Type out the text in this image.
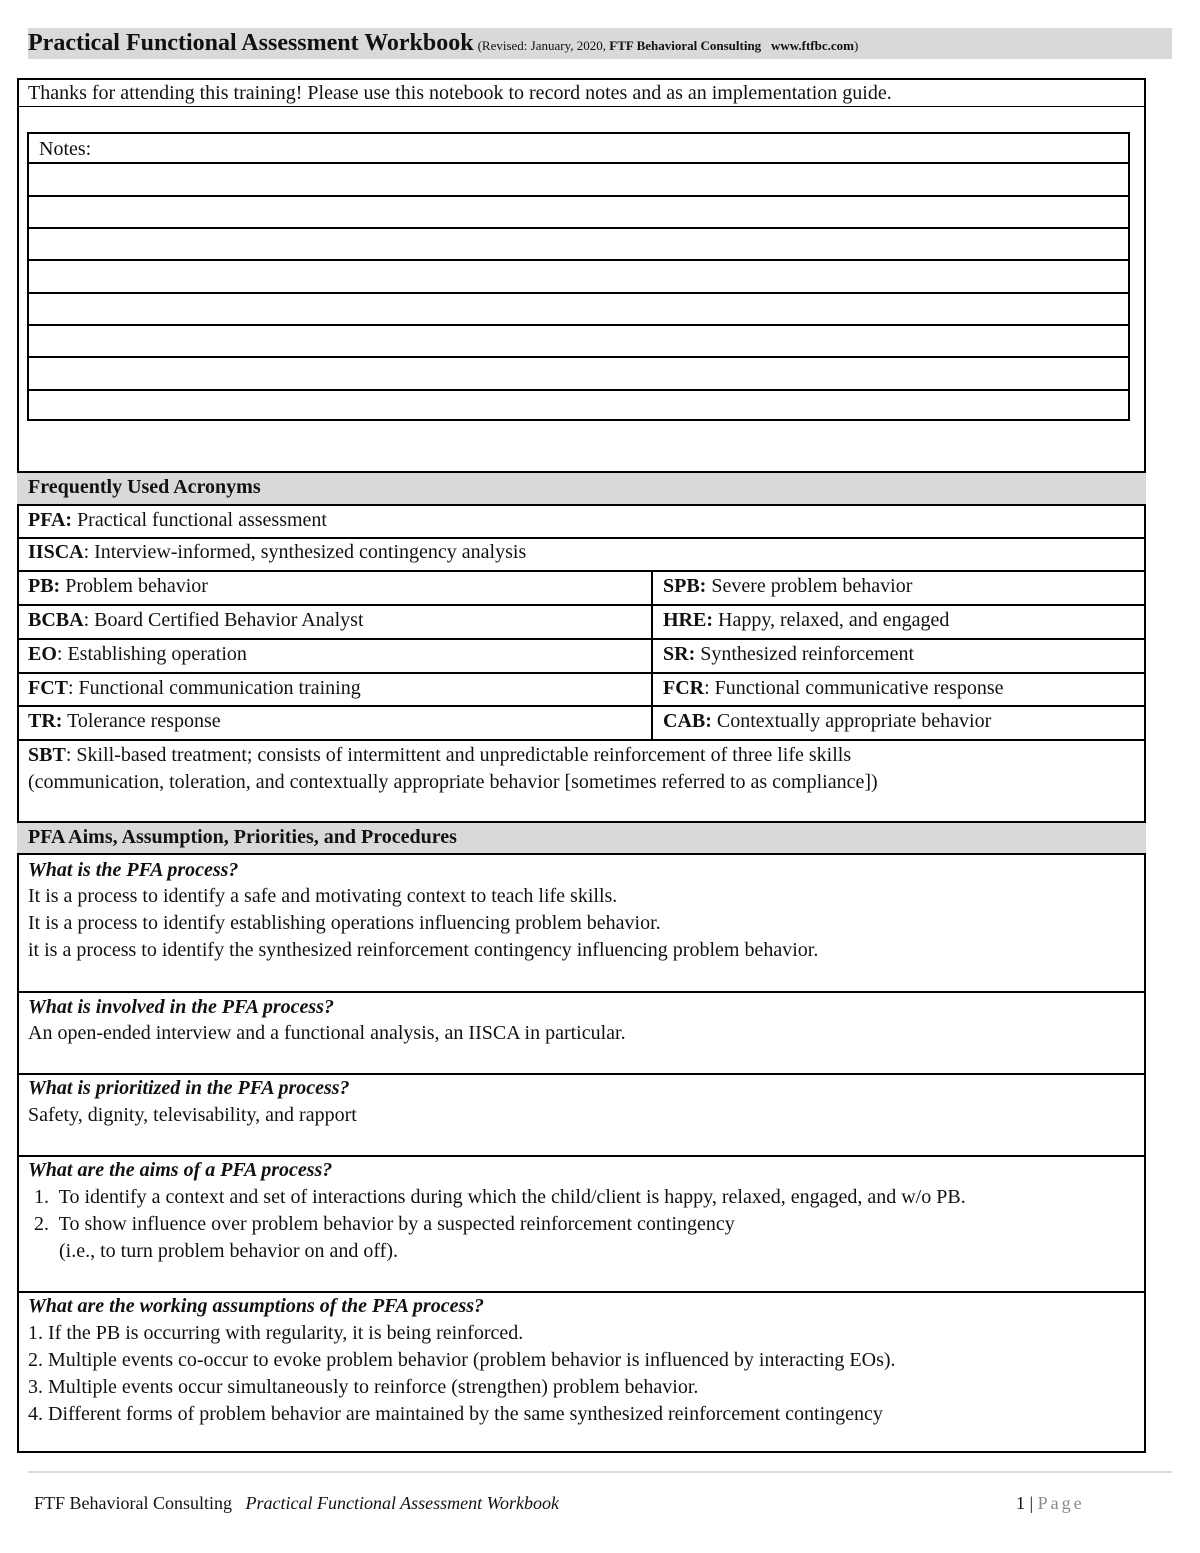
Practical Functional Assessment Workbook (Revised: January, 2020, FTF Behavioral Consulting www.ftfbc.com)
Thanks for attending this training! Please use this notebook to record notes and as an implementation guide.
Notes:
Frequently Used Acronyms
PFA: Practical functional assessment
IISCA: Interview-informed, synthesized contingency analysis
PB: Problem behavior	SPB: Severe problem behavior
BCBA: Board Certified Behavior Analyst	HRE: Happy, relaxed, and engaged
EO: Establishing operation	SR: Synthesized reinforcement
FCT: Functional communication training	FCR: Functional communicative response
TR: Tolerance response	CAB: Contextually appropriate behavior
SBT: Skill-based treatment; consists of intermittent and unpredictable reinforcement of three life skills
(communication, toleration, and contextually appropriate behavior [sometimes referred to as compliance])
PFA Aims, Assumption, Priorities, and Procedures
What is the PFA process?
It is a process to identify a safe and motivating context to teach life skills.
It is a process to identify establishing operations influencing problem behavior.
it is a process to identify the synthesized reinforcement contingency influencing problem behavior.
What is involved in the PFA process?
An open-ended interview and a functional analysis, an IISCA in particular.
What is prioritized in the PFA process?
Safety, dignity, televisability, and rapport
What are the aims of a PFA process?
1.  To identify a context and set of interactions during which the child/client is happy, relaxed, engaged, and w/o PB.
2.  To show influence over problem behavior by a suspected reinforcement contingency
(i.e., to turn problem behavior on and off).
What are the working assumptions of the PFA process?
1. If the PB is occurring with regularity, it is being reinforced.
2. Multiple events co-occur to evoke problem behavior (problem behavior is influenced by interacting EOs).
3. Multiple events occur simultaneously to reinforce (strengthen) problem behavior.
4. Different forms of problem behavior are maintained by the same synthesized reinforcement contingency
FTF Behavioral Consulting Practical Functional Assessment Workbook	1 | Page
